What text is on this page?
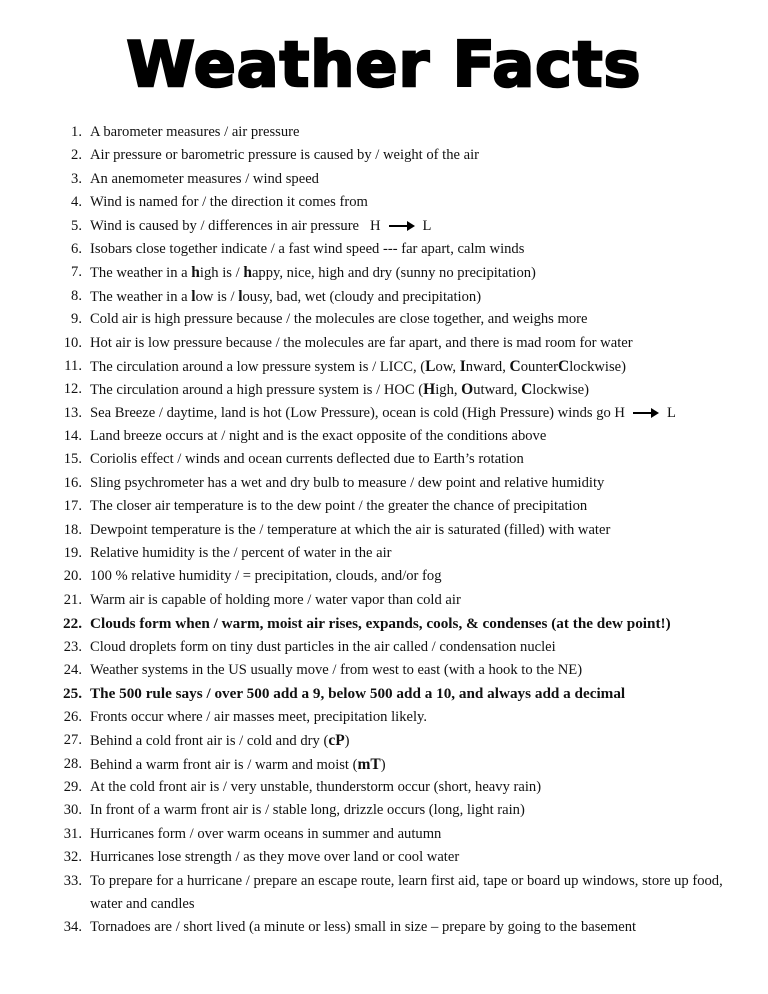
Weather Facts
1. A barometer measures / air pressure
2. Air pressure or barometric pressure is caused by / weight of the air
3. An anemometer measures / wind speed
4. Wind is named for / the direction it comes from
5. Wind is caused by / differences in air pressure H	L
6. Isobars close together indicate / a fast wind speed --- far apart, calm winds
7. The weather in a high is / happy, nice, high and dry (sunny no precipitation)
8. The weather in a low is / lousy, bad, wet (cloudy and precipitation)
9. Cold air is high pressure because / the molecules are close together, and weighs more
10. Hot air is low pressure because / the molecules are far apart, and there is mad room for water
11. The circulation around a low pressure system is / LICC, (Low, Inward, CounterClockwise)
12. The circulation around a high pressure system is / HOC (High, Outward, Clockwise)
13. Sea Breeze / daytime, land is hot (Low Pressure), ocean is cold (High Pressure) winds go H	L
14. Land breeze occurs at / night and is the exact opposite of the conditions above
15. Coriolis effect / winds and ocean currents deflected due to Earth’s rotation
16. Sling psychrometer has a wet and dry bulb to measure / dew point and relative humidity
17. The closer air temperature is to the dew point / the greater the chance of precipitation
18. Dewpoint temperature is the / temperature at which the air is saturated (filled) with water
19. Relative humidity is the / percent of water in the air
20. 100 % relative humidity / = precipitation, clouds, and/or fog
21. Warm air is capable of holding more / water vapor than cold air
22. Clouds form when / warm, moist air rises, expands, cools, & condenses (at the dew point!)
23. Cloud droplets form on tiny dust particles in the air called / condensation nuclei
24. Weather systems in the US usually move / from west to east (with a hook to the NE)
25. The 500 rule says / over 500 add a 9, below 500 add a 10, and always add a decimal
26. Fronts occur where / air masses meet, precipitation likely.
27. Behind a cold front air is / cold and dry (cP)
28. Behind a warm front air is / warm and moist (mT)
29. At the cold front air is / very unstable, thunderstorm occur (short, heavy rain)
30. In front of a warm front air is / stable long, drizzle occurs (long, light rain)
31. Hurricanes form / over warm oceans in summer and autumn
32. Hurricanes lose strength / as they move over land or cool water
33. To prepare for a hurricane / prepare an escape route, learn first aid, tape or board up windows, store up food, water and candles
34. Tornadoes are / short lived (a minute or less) small in size – prepare by going to the basement
